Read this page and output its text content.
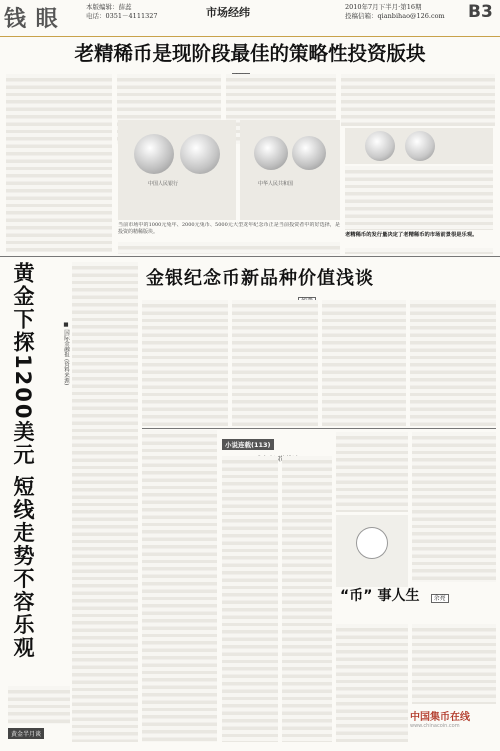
钱 眼	本版编辑：薛蕊
电话：0351－4111327	市场经纬	2010年7月下半月·第16期
投稿信箱：qianbihao@126.com B3
老精稀币是现阶段最佳的策略性投资版块
中国人民银行	中华人民共和国
当前市场中的1000元兔年、2000元兔币、5000元大型龙年纪念币正是当前投资者中的好选择，是投资的精稀版块。	老精稀币的发行量决定了老精稀币的市场前景很是乐观。
黄金下探1200美元 短线走势不容乐观	■ 国际金融报 (资料来源)
黄金半月谈
金银纪念币新品种价值浅谈
小说连载(113)
“币” 事人生 余亮
中国集币在线
www.chinacoin.com
